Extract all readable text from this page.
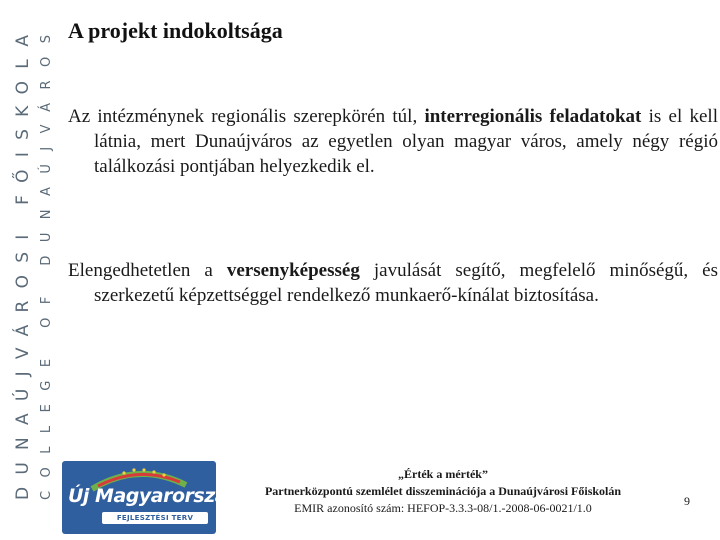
DUNAÚJVÁROSI FŐISKOLA
COLLEGE OF DUNAÚJVÁROS A projekt indokoltsága

Az intézménynek regionális szerepkörén túl, interregionális feladatokat is el kell látnia, mert Dunaújváros az egyetlen olyan magyar város, amely négy régió találkozási pontjában helyezkedik el.

Elengedhetetlen a versenyképesség javulását segítő, megfelelő minőségű, és szerkezetű képzettséggel rendelkező munkaerő-kínálat biztosítása.

Új Magyarország
FEJLESZTÉSI TERV
„Érték a mérték”
Partnerközpontú szemlélet disszeminációja a Dunaújvárosi Főiskolán
EMIR azonosító szám: HEFOP-3.3.3-08/1.-2008-06-0021/1.0	9
